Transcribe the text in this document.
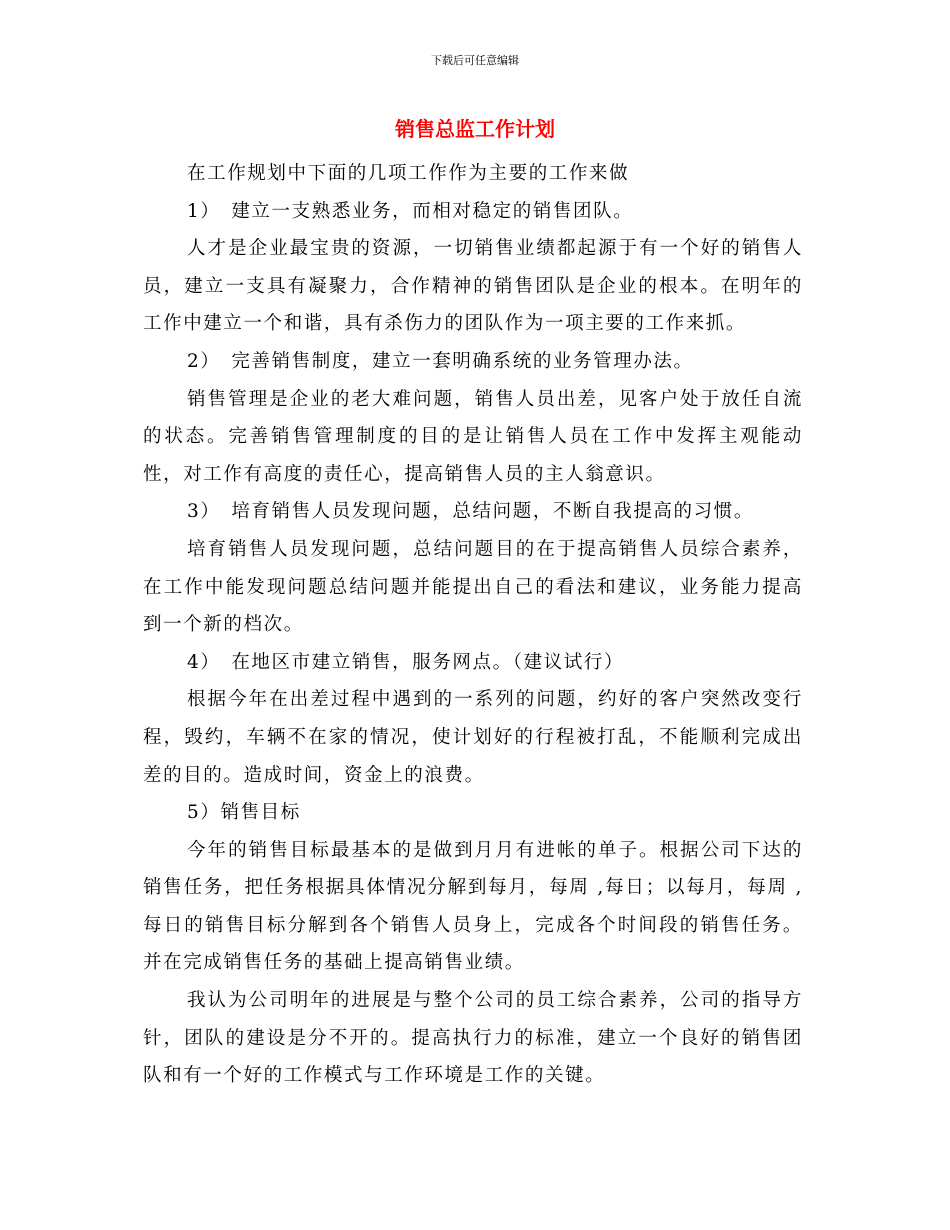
下载后可任意编辑
销售总监工作计划

在工作规划中下面的几项工作作为主要的工作来做

1）　建立一支熟悉业务，而相对稳定的销售团队。

人才是企业最宝贵的资源，一切销售业绩都起源于有一个好的销售人员，建立一支具有凝聚力，合作精神的销售团队是企业的根本。在明年的工作中建立一个和谐，具有杀伤力的团队作为一项主要的工作来抓。

2）　完善销售制度，建立一套明确系统的业务管理办法。

销售管理是企业的老大难问题，销售人员出差，见客户处于放任自流的状态。完善销售管理制度的目的是让销售人员在工作中发挥主观能动性，对工作有高度的责任心，提高销售人员的主人翁意识。

3）　培育销售人员发现问题，总结问题，不断自我提高的习惯。

培育销售人员发现问题，总结问题目的在于提高销售人员综合素养，在工作中能发现问题总结问题并能提出自己的看法和建议，业务能力提高到一个新的档次。

4）　在地区市建立销售，服务网点。（建议试行）

根据今年在出差过程中遇到的一系列的问题，约好的客户突然改变行程，毁约，车辆不在家的情况，使计划好的行程被打乱，不能顺利完成出差的目的。造成时间，资金上的浪费。

5）销售目标

今年的销售目标最基本的是做到月月有进帐的单子。根据公司下达的销售任务，把任务根据具体情况分解到每月，每周 ,每日；以每月，每周 ,每日的销售目标分解到各个销售人员身上，完成各个时间段的销售任务。并在完成销售任务的基础上提高销售业绩。

我认为公司明年的进展是与整个公司的员工综合素养，公司的指导方针，团队的建设是分不开的。提高执行力的标准，建立一个良好的销售团队和有一个好的工作模式与工作环境是工作的关键。
